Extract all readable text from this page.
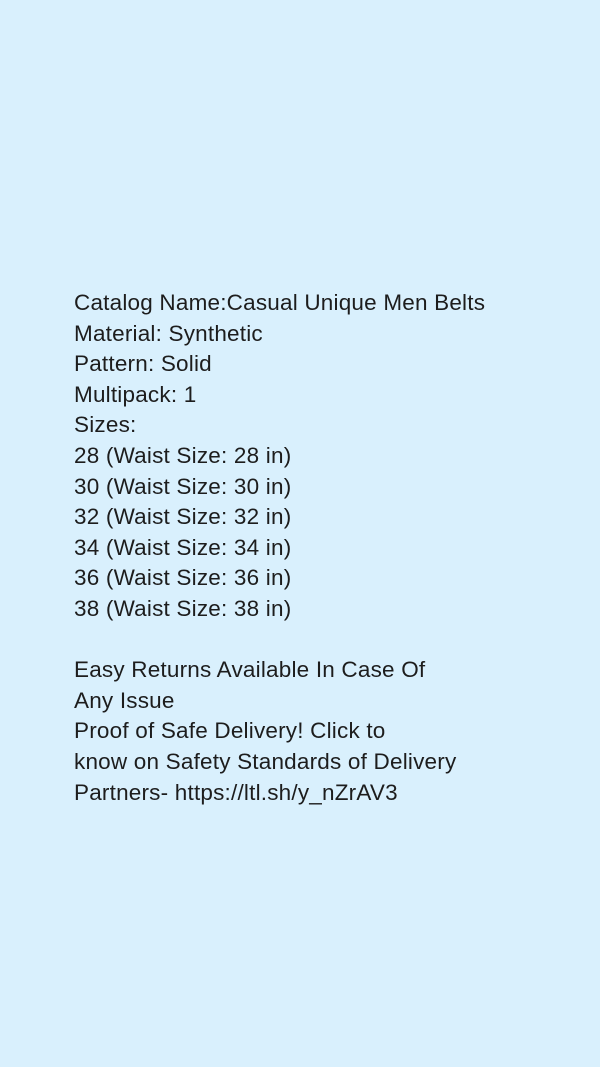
Catalog Name:Casual Unique Men Belts
Material: Synthetic
Pattern: Solid
Multipack: 1
Sizes:
28 (Waist Size: 28 in)
30 (Waist Size: 30 in)
32 (Waist Size: 32 in)
34 (Waist Size: 34 in)
36 (Waist Size: 36 in)
38 (Waist Size: 38 in)
Easy Returns Available In Case Of
Any Issue
Proof of Safe Delivery! Click to
know on Safety Standards of Delivery
Partners- https://ltl.sh/y_nZrAV3
